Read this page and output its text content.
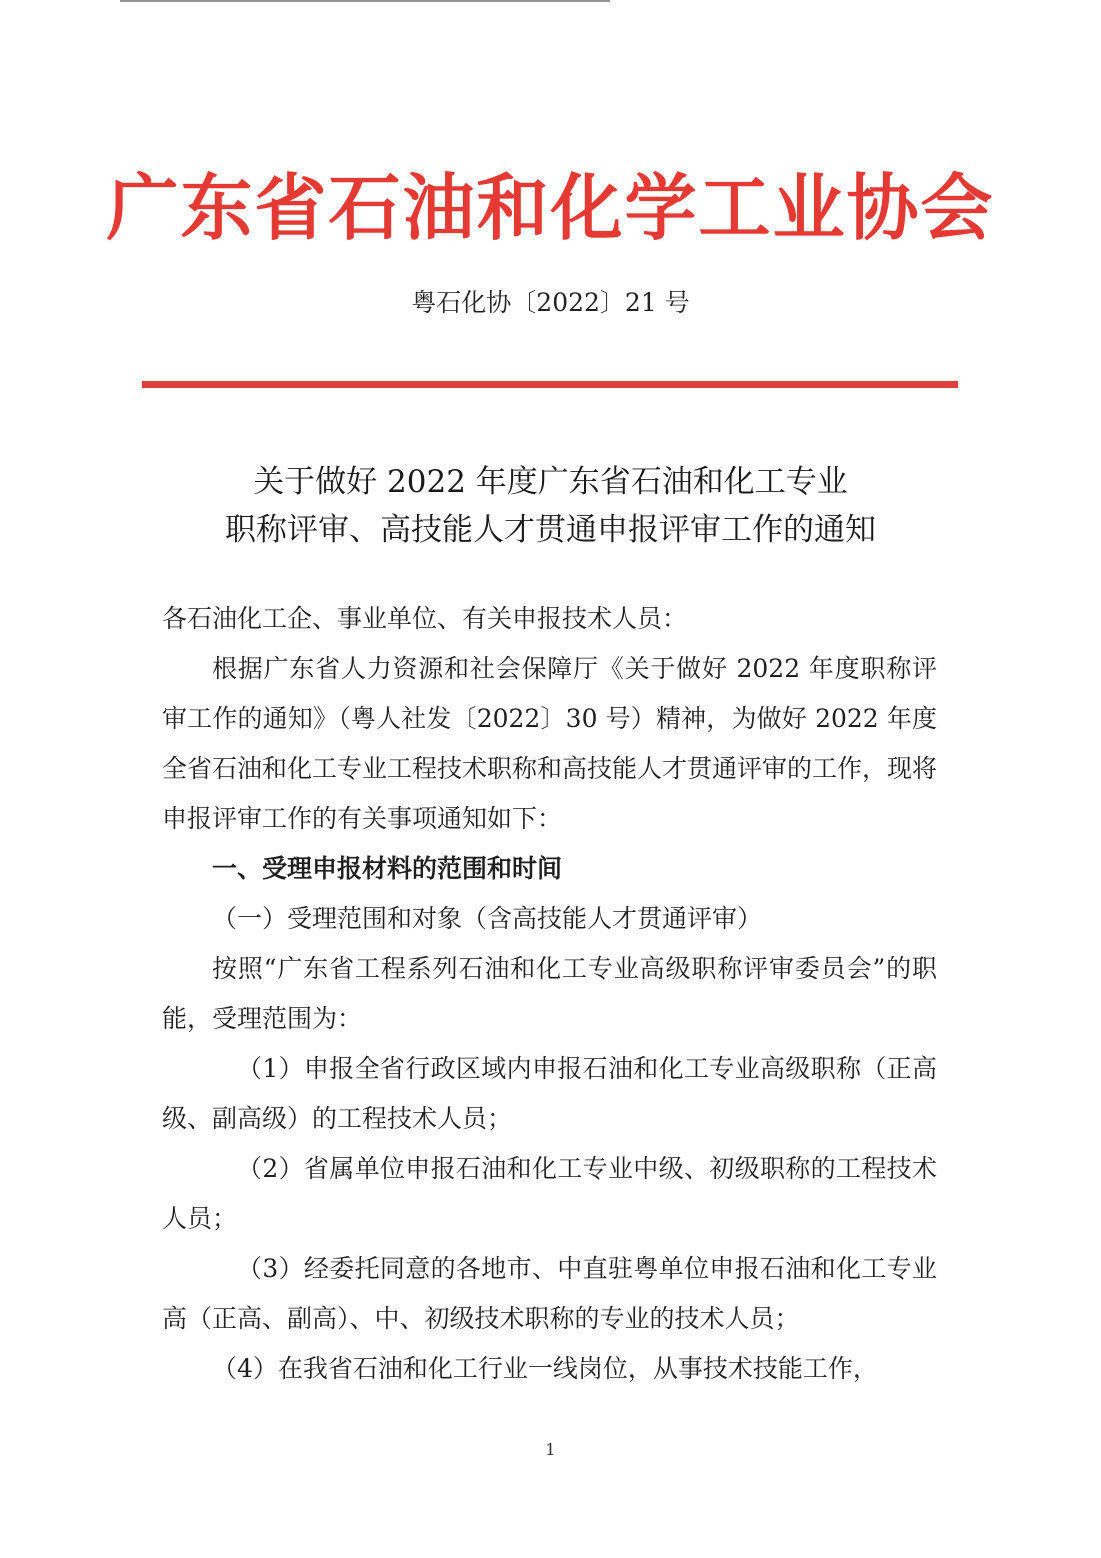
广东省石油和化学工业协会
粤石化协〔2022〕21 号
关于做好 2022 年度广东省石油和化工专业
职称评审、高技能人才贯通申报评审工作的通知

各石油化工企、事业单位、有关申报技术人员：

根据广东省人力资源和社会保障厅《关于做好 2022 年度职称评审工作的通知》（粤人社发〔2022〕30 号）精神，为做好 2022 年度全省石油和化工专业工程技术职称和高技能人才贯通评审的工作，现将申报评审工作的有关事项通知如下：

一、受理申报材料的范围和时间

（一）受理范围和对象（含高技能人才贯通评审）

按照“广东省工程系列石油和化工专业高级职称评审委员会”的职能，受理范围为：

（1）申报全省行政区域内申报石油和化工专业高级职称（正高级、副高级）的工程技术人员；

（2）省属单位申报石油和化工专业中级、初级职称的工程技术人员；

（3）经委托同意的各地市、中直驻粤单位申报石油和化工专业高（正高、副高）、中、初级技术职称的专业的技术人员；

（4）在我省石油和化工行业一线岗位，从事技术技能工作，

1
